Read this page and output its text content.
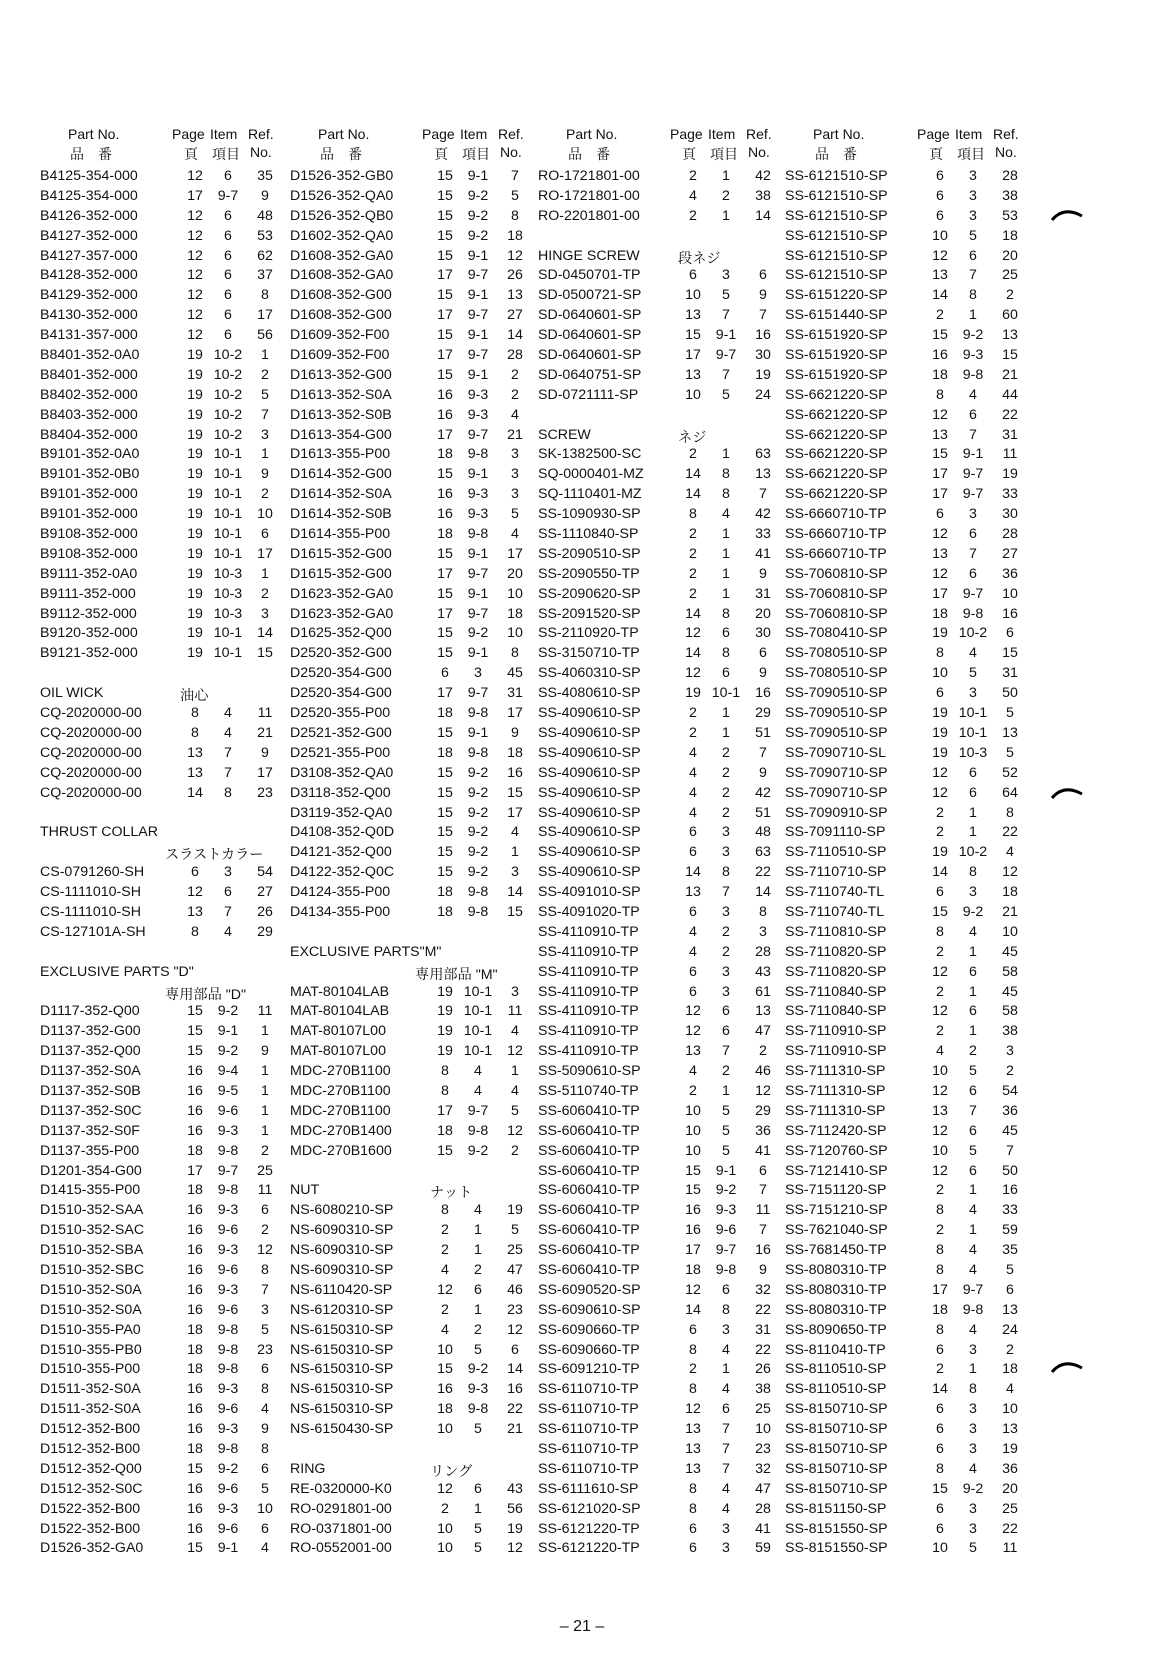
Part No.	Page Item Ref.
品　番	頁 項目 No.
B4125-354-000	12	6	35
B4125-354-000	17	9-7	9
B4126-352-000	12	6	48
B4127-352-000	12	6	53
B4127-357-000	12	6	62
B4128-352-000	12	6	37
B4129-352-000	12	6	8
B4130-352-000	12	6	17
B4131-357-000	12	6	56
B8401-352-0A0	19 10-2	1
B8401-352-000	19 10-2	2
B8402-352-000	19 10-2	5
B8403-352-000	19 10-2	7
B8404-352-000	19 10-2	3
B9101-352-0A0	19 10-1	1
B9101-352-0B0	19 10-1	9
B9101-352-000	19 10-1	2
B9101-352-000	19 10-1	10
B9108-352-000	19 10-1	6
B9108-352-000	19 10-1	17
B9111-352-0A0	19 10-3	1
B9111-352-000	19 10-3	2
B9112-352-000	19 10-3	3
B9120-352-000	19 10-1	14
B9121-352-000	19 10-1	15
OIL WICK	油心
CQ-2020000-00	8	4	11
CQ-2020000-00	8	4	21
CQ-2020000-00	13	7	9
CQ-2020000-00	13	7	17
CQ-2020000-00	14	8	23
THRUST COLLAR
スラストカラー
CS-0791260-SH	6	3	54
CS-1111010-SH	12	6	27
CS-1111010-SH	13	7	26
CS-127101A-SH	8	4	29
EXCLUSIVE PARTS "D"
専用部品 "D"
D1117-352-Q00	15	9-2	11
D1137-352-G00	15	9-1	1
D1137-352-Q00	15	9-2	9
D1137-352-S0A	16	9-4	1
D1137-352-S0B	16	9-5	1
D1137-352-S0C	16	9-6	1
D1137-352-S0F	16	9-3	1
D1137-355-P00	18	9-8	2
D1201-354-G00	17	9-7	25
D1415-355-P00	18	9-8	11
D1510-352-SAA	16	9-3	6
D1510-352-SAC	16	9-6	2
D1510-352-SBA	16	9-3	12
D1510-352-SBC	16	9-6	8
D1510-352-S0A	16	9-3	7
D1510-352-S0A	16	9-6	3
D1510-355-PA0	18	9-8	5
D1510-355-PB0	18	9-8	23
D1510-355-P00	18	9-8	6
D1511-352-S0A	16	9-3	8
D1511-352-S0A	16	9-6	4
D1512-352-B00	16	9-3	9
D1512-352-B00	18	9-8	8
D1512-352-Q00	15	9-2	6
D1512-352-S0C	16	9-6	5
D1522-352-B00	16	9-3	10
D1522-352-B00	16	9-6	6
D1526-352-GA0	15	9-1	4
Part No.	Page Item Ref.
品　番	頁 項目 No.
D1526-352-GB0	15	9-1	7
D1526-352-QA0	15	9-2	5
D1526-352-QB0	15	9-2	8
D1602-352-QA0	15	9-2	18
D1608-352-GA0	15	9-1	12
D1608-352-GA0	17	9-7	26
D1608-352-G00	15	9-1	13
D1608-352-G00	17	9-7	27
D1609-352-F00	15	9-1	14
D1609-352-F00	17	9-7	28
D1613-352-G00	15	9-1	2
D1613-352-S0A	16	9-3	2
D1613-352-S0B	16	9-3	4
D1613-354-G00	17	9-7	21
D1613-355-P00	18	9-8	3
D1614-352-G00	15	9-1	3
D1614-352-S0A	16	9-3	3
D1614-352-S0B	16	9-3	5
D1614-355-P00	18	9-8	4
D1615-352-G00	15	9-1	17
D1615-352-G00	17	9-7	20
D1623-352-GA0	15	9-1	10
D1623-352-GA0	17	9-7	18
D1625-352-Q00	15	9-2	10
D2520-352-G00	15	9-1	8
D2520-354-G00	6	3	45
D2520-354-G00	17	9-7	31
D2520-355-P00	18	9-8	17
D2521-352-G00	15	9-1	9
D2521-355-P00	18	9-8	18
D3108-352-QA0	15	9-2	16
D3118-352-Q00	15	9-2	15
D3119-352-QA0	15	9-2	17
D4108-352-Q0D	15	9-2	4
D4121-352-Q00	15	9-2	1
D4122-352-Q0C	15	9-2	3
D4124-355-P00	18	9-8	14
D4134-355-P00	18	9-8	15
EXCLUSIVE PARTS"M"
専用部品 "M"
MAT-80104LAB	19 10-1	3
MAT-80104LAB	19 10-1	11
MAT-80107L00	19 10-1	4
MAT-80107L00	19 10-1	12
MDC-270B1100	8	4	1
MDC-270B1100	8	4	4
MDC-270B1100	17	9-7	5
MDC-270B1400	18	9-8	12
MDC-270B1600	15	9-2	2
NUT	ナット
NS-6080210-SP	8	4	19
NS-6090310-SP	2	1	5
NS-6090310-SP	2	1	25
NS-6090310-SP	4	2	47
NS-6110420-SP	12	6	46
NS-6120310-SP	2	1	23
NS-6150310-SP	4	2	12
NS-6150310-SP	10	5	6
NS-6150310-SP	15	9-2	14
NS-6150310-SP	16	9-3	16
NS-6150310-SP	18	9-8	22
NS-6150430-SP	10	5	21
RING	リング
RE-0320000-K0	12	6	43
RO-0291801-00	2	1	56
RO-0371801-00	10	5	19
RO-0552001-00	10	5	12
Part No.	Page Item Ref.
品　番	頁 項目 No.
RO-1721801-00	2	1	42
RO-1721801-00	4	2	38
RO-2201801-00	2	1	14
HINGE SCREW	段ネジ
SD-0450701-TP	6	3	6
SD-0500721-SP	10	5	9
SD-0640601-SP	13	7	7
SD-0640601-SP	15	9-1	16
SD-0640601-SP	17	9-7	30
SD-0640751-SP	13	7	19
SD-0721111-SP	10	5	24
SCREW	ネジ
SK-1382500-SC	2	1	63
SQ-0000401-MZ	14	8	13
SQ-1110401-MZ	14	8	7
SS-1090930-SP	8	4	42
SS-1110840-SP	2	1	33
SS-2090510-SP	2	1	41
SS-2090550-TP	2	1	9
SS-2090620-SP	2	1	31
SS-2091520-SP	14	8	20
SS-2110920-TP	12	6	30
SS-3150710-TP	14	8	6
SS-4060310-SP	12	6	9
SS-4080610-SP	19 10-1	16
SS-4090610-SP	2	1	29
SS-4090610-SP	2	1	51
SS-4090610-SP	4	2	7
SS-4090610-SP	4	2	9
SS-4090610-SP	4	2	42
SS-4090610-SP	4	2	51
SS-4090610-SP	6	3	48
SS-4090610-SP	6	3	63
SS-4090610-SP	14	8	22
SS-4091010-SP	13	7	14
SS-4091020-TP	6	3	8
SS-4110910-TP	4	2	3
SS-4110910-TP	4	2	28
SS-4110910-TP	6	3	43
SS-4110910-TP	6	3	61
SS-4110910-TP	12	6	13
SS-4110910-TP	12	6	47
SS-4110910-TP	13	7	2
SS-5090610-SP	4	2	46
SS-5110740-TP	2	1	12
SS-6060410-TP	10	5	29
SS-6060410-TP	10	5	36
SS-6060410-TP	10	5	41
SS-6060410-TP	15	9-1	6
SS-6060410-TP	15	9-2	7
SS-6060410-TP	16	9-3	11
SS-6060410-TP	16	9-6	7
SS-6060410-TP	17	9-7	16
SS-6060410-TP	18	9-8	9
SS-6090520-SP	12	6	32
SS-6090610-SP	14	8	22
SS-6090660-TP	6	3	31
SS-6090660-TP	8	4	22
SS-6091210-TP	2	1	26
SS-6110710-TP	8	4	38
SS-6110710-TP	12	6	25
SS-6110710-TP	13	7	10
SS-6110710-TP	13	7	23
SS-6110710-TP	13	7	32
SS-6111610-SP	8	4	47
SS-6121020-SP	8	4	28
SS-6121220-TP	6	3	41
SS-6121220-TP	6	3	59
Part No.	Page Item Ref.
品　番	頁 項目 No.
SS-6121510-SP	6	3	28
SS-6121510-SP	6	3	38
SS-6121510-SP	6	3	53
SS-6121510-SP	10	5	18
SS-6121510-SP	12	6	20
SS-6121510-SP	13	7	25
SS-6151220-SP	14	8	2
SS-6151440-SP	2	1	60
SS-6151920-SP	15	9-2	13
SS-6151920-SP	16	9-3	15
SS-6151920-SP	18	9-8	21
SS-6621220-SP	8	4	44
SS-6621220-SP	12	6	22
SS-6621220-SP	13	7	31
SS-6621220-SP	15	9-1	11
SS-6621220-SP	17	9-7	19
SS-6621220-SP	17	9-7	33
SS-6660710-TP	6	3	30
SS-6660710-TP	12	6	28
SS-6660710-TP	13	7	27
SS-7060810-SP	12	6	36
SS-7060810-SP	17	9-7	10
SS-7060810-SP	18	9-8	16
SS-7080410-SP	19 10-2	6
SS-7080510-SP	8	4	15
SS-7080510-SP	10	5	31
SS-7090510-SP	6	3	50
SS-7090510-SP	19 10-1	5
SS-7090510-SP	19 10-1	13
SS-7090710-SL	19 10-3	5
SS-7090710-SP	12	6	52
SS-7090710-SP	12	6	64
SS-7090910-SP	2	1	8
SS-7091110-SP	2	1	22
SS-7110510-SP	19 10-2	4
SS-7110710-SP	14	8	12
SS-7110740-TL	6	3	18
SS-7110740-TL	15	9-2	21
SS-7110810-SP	8	4	10
SS-7110820-SP	2	1	45
SS-7110820-SP	12	6	58
SS-7110840-SP	2	1	45
SS-7110840-SP	12	6	58
SS-7110910-SP	2	1	38
SS-7110910-SP	4	2	3
SS-7111310-SP	10	5	2
SS-7111310-SP	12	6	54
SS-7111310-SP	13	7	36
SS-7112420-SP	12	6	45
SS-7120760-SP	10	5	7
SS-7121410-SP	12	6	50
SS-7151120-SP	2	1	16
SS-7151210-SP	8	4	33
SS-7621040-SP	2	1	59
SS-7681450-TP	8	4	35
SS-8080310-TP	8	4	5
SS-8080310-TP	17	9-7	6
SS-8080310-TP	18	9-8	13
SS-8090650-TP	8	4	24
SS-8110410-TP	6	3	2
SS-8110510-SP	2	1	18
SS-8110510-SP	14	8	4
SS-8150710-SP	6	3	10
SS-8150710-SP	6	3	13
SS-8150710-SP	6	3	19
SS-8150710-SP	8	4	36
SS-8150710-SP	15	9-2	20
SS-8151150-SP	6	3	25
SS-8151550-SP	6	3	22
SS-8151550-SP	10	5	11
– 21 –
